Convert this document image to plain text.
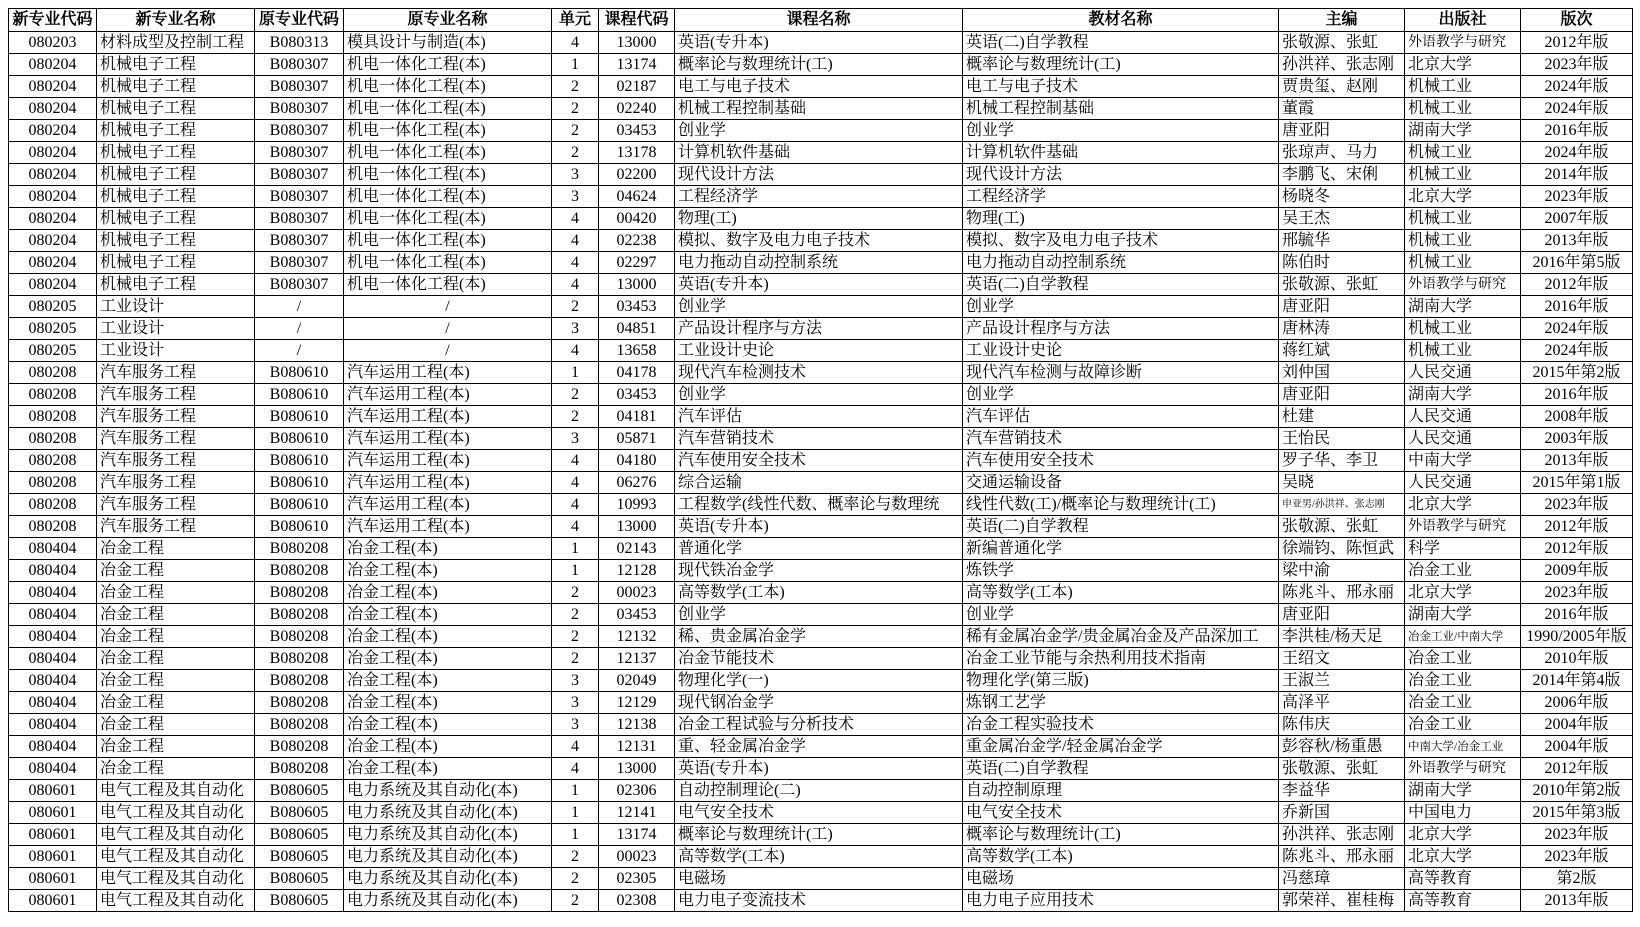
新专业代码	新专业名称	原专业代码	原专业名称	单元	课程代码	课程名称	教材名称	主编	出版社	版次
080203	材料成型及控制工程	B080313	模具设计与制造(本)	4	13000	英语(专升本)	英语(二)自学教程	张敬源、张虹	外语教学与研究	2012年版
080204	机械电子工程	B080307	机电一体化工程(本)	1	13174	概率论与数理统计(工)	概率论与数理统计(工)	孙洪祥、张志刚	北京大学	2023年版
080204	机械电子工程	B080307	机电一体化工程(本)	2	02187	电工与电子技术	电工与电子技术	贾贵玺、赵刚	机械工业	2024年版
080204	机械电子工程	B080307	机电一体化工程(本)	2	02240	机械工程控制基础	机械工程控制基础	董霞	机械工业	2024年版
080204	机械电子工程	B080307	机电一体化工程(本)	2	03453	创业学	创业学	唐亚阳	湖南大学	2016年版
080204	机械电子工程	B080307	机电一体化工程(本)	2	13178	计算机软件基础	计算机软件基础	张琼声、马力	机械工业	2024年版
080204	机械电子工程	B080307	机电一体化工程(本)	3	02200	现代设计方法	现代设计方法	李鹏飞、宋俐	机械工业	2014年版
080204	机械电子工程	B080307	机电一体化工程(本)	3	04624	工程经济学	工程经济学	杨晓冬	北京大学	2023年版
080204	机械电子工程	B080307	机电一体化工程(本)	4	00420	物理(工)	物理(工)	吴王杰	机械工业	2007年版
080204	机械电子工程	B080307	机电一体化工程(本)	4	02238	模拟、数字及电力电子技术	模拟、数字及电力电子技术	邢毓华	机械工业	2013年版
080204	机械电子工程	B080307	机电一体化工程(本)	4	02297	电力拖动自动控制系统	电力拖动自动控制系统	陈伯时	机械工业	2016年第5版
080204	机械电子工程	B080307	机电一体化工程(本)	4	13000	英语(专升本)	英语(二)自学教程	张敬源、张虹	外语教学与研究	2012年版
080205	工业设计	/	/	2	03453	创业学	创业学	唐亚阳	湖南大学	2016年版
080205	工业设计	/	/	3	04851	产品设计程序与方法	产品设计程序与方法	唐林涛	机械工业	2024年版
080205	工业设计	/	/	4	13658	工业设计史论	工业设计史论	蒋红斌	机械工业	2024年版
080208	汽车服务工程	B080610	汽车运用工程(本)	1	04178	现代汽车检测技术	现代汽车检测与故障诊断	刘仲国	人民交通	2015年第2版
080208	汽车服务工程	B080610	汽车运用工程(本)	2	03453	创业学	创业学	唐亚阳	湖南大学	2016年版
080208	汽车服务工程	B080610	汽车运用工程(本)	2	04181	汽车评估	汽车评估	杜建	人民交通	2008年版
080208	汽车服务工程	B080610	汽车运用工程(本)	3	05871	汽车营销技术	汽车营销技术	王怡民	人民交通	2003年版
080208	汽车服务工程	B080610	汽车运用工程(本)	4	04180	汽车使用安全技术	汽车使用安全技术	罗子华、李卫	中南大学	2013年版
080208	汽车服务工程	B080610	汽车运用工程(本)	4	06276	综合运输	交通运输设备	吴晓	人民交通	2015年第1版
080208	汽车服务工程	B080610	汽车运用工程(本)	4	10993	工程数学(线性代数、概率论与数理统	线性代数(工)/概率论与数理统计(工)	申亚男/孙洪祥、张志刚	北京大学	2023年版
080208	汽车服务工程	B080610	汽车运用工程(本)	4	13000	英语(专升本)	英语(二)自学教程	张敬源、张虹	外语教学与研究	2012年版
080404	冶金工程	B080208	冶金工程(本)	1	02143	普通化学	新编普通化学	徐端钧、陈恒武	科学	2012年版
080404	冶金工程	B080208	冶金工程(本)	1	12128	现代铁冶金学	炼铁学	梁中渝	冶金工业	2009年版
080404	冶金工程	B080208	冶金工程(本)	2	00023	高等数学(工本)	高等数学(工本)	陈兆斗、邢永丽	北京大学	2023年版
080404	冶金工程	B080208	冶金工程(本)	2	03453	创业学	创业学	唐亚阳	湖南大学	2016年版
080404	冶金工程	B080208	冶金工程(本)	2	12132	稀、贵金属冶金学	稀有金属冶金学/贵金属冶金及产品深加工	李洪桂/杨天足	冶金工业/中南大学	1990/2005年版
080404	冶金工程	B080208	冶金工程(本)	2	12137	冶金节能技术	冶金工业节能与余热利用技术指南	王绍文	冶金工业	2010年版
080404	冶金工程	B080208	冶金工程(本)	3	02049	物理化学(一)	物理化学(第三版)	王淑兰	冶金工业	2014年第4版
080404	冶金工程	B080208	冶金工程(本)	3	12129	现代钢冶金学	炼钢工艺学	高泽平	冶金工业	2006年版
080404	冶金工程	B080208	冶金工程(本)	3	12138	冶金工程试验与分析技术	冶金工程实验技术	陈伟庆	冶金工业	2004年版
080404	冶金工程	B080208	冶金工程(本)	4	12131	重、轻金属冶金学	重金属冶金学/轻金属冶金学	彭容秋/杨重愚	中南大学/冶金工业	2004年版
080404	冶金工程	B080208	冶金工程(本)	4	13000	英语(专升本)	英语(二)自学教程	张敬源、张虹	外语教学与研究	2012年版
080601	电气工程及其自动化	B080605	电力系统及其自动化(本)	1	02306	自动控制理论(二)	自动控制原理	李益华	湖南大学	2010年第2版
080601	电气工程及其自动化	B080605	电力系统及其自动化(本)	1	12141	电气安全技术	电气安全技术	乔新国	中国电力	2015年第3版
080601	电气工程及其自动化	B080605	电力系统及其自动化(本)	1	13174	概率论与数理统计(工)	概率论与数理统计(工)	孙洪祥、张志刚	北京大学	2023年版
080601	电气工程及其自动化	B080605	电力系统及其自动化(本)	2	00023	高等数学(工本)	高等数学(工本)	陈兆斗、邢永丽	北京大学	2023年版
080601	电气工程及其自动化	B080605	电力系统及其自动化(本)	2	02305	电磁场	电磁场	冯慈璋	高等教育	第2版
080601	电气工程及其自动化	B080605	电力系统及其自动化(本)	2	02308	电力电子变流技术	电力电子应用技术	郭荣祥、崔桂梅	高等教育	2013年版
